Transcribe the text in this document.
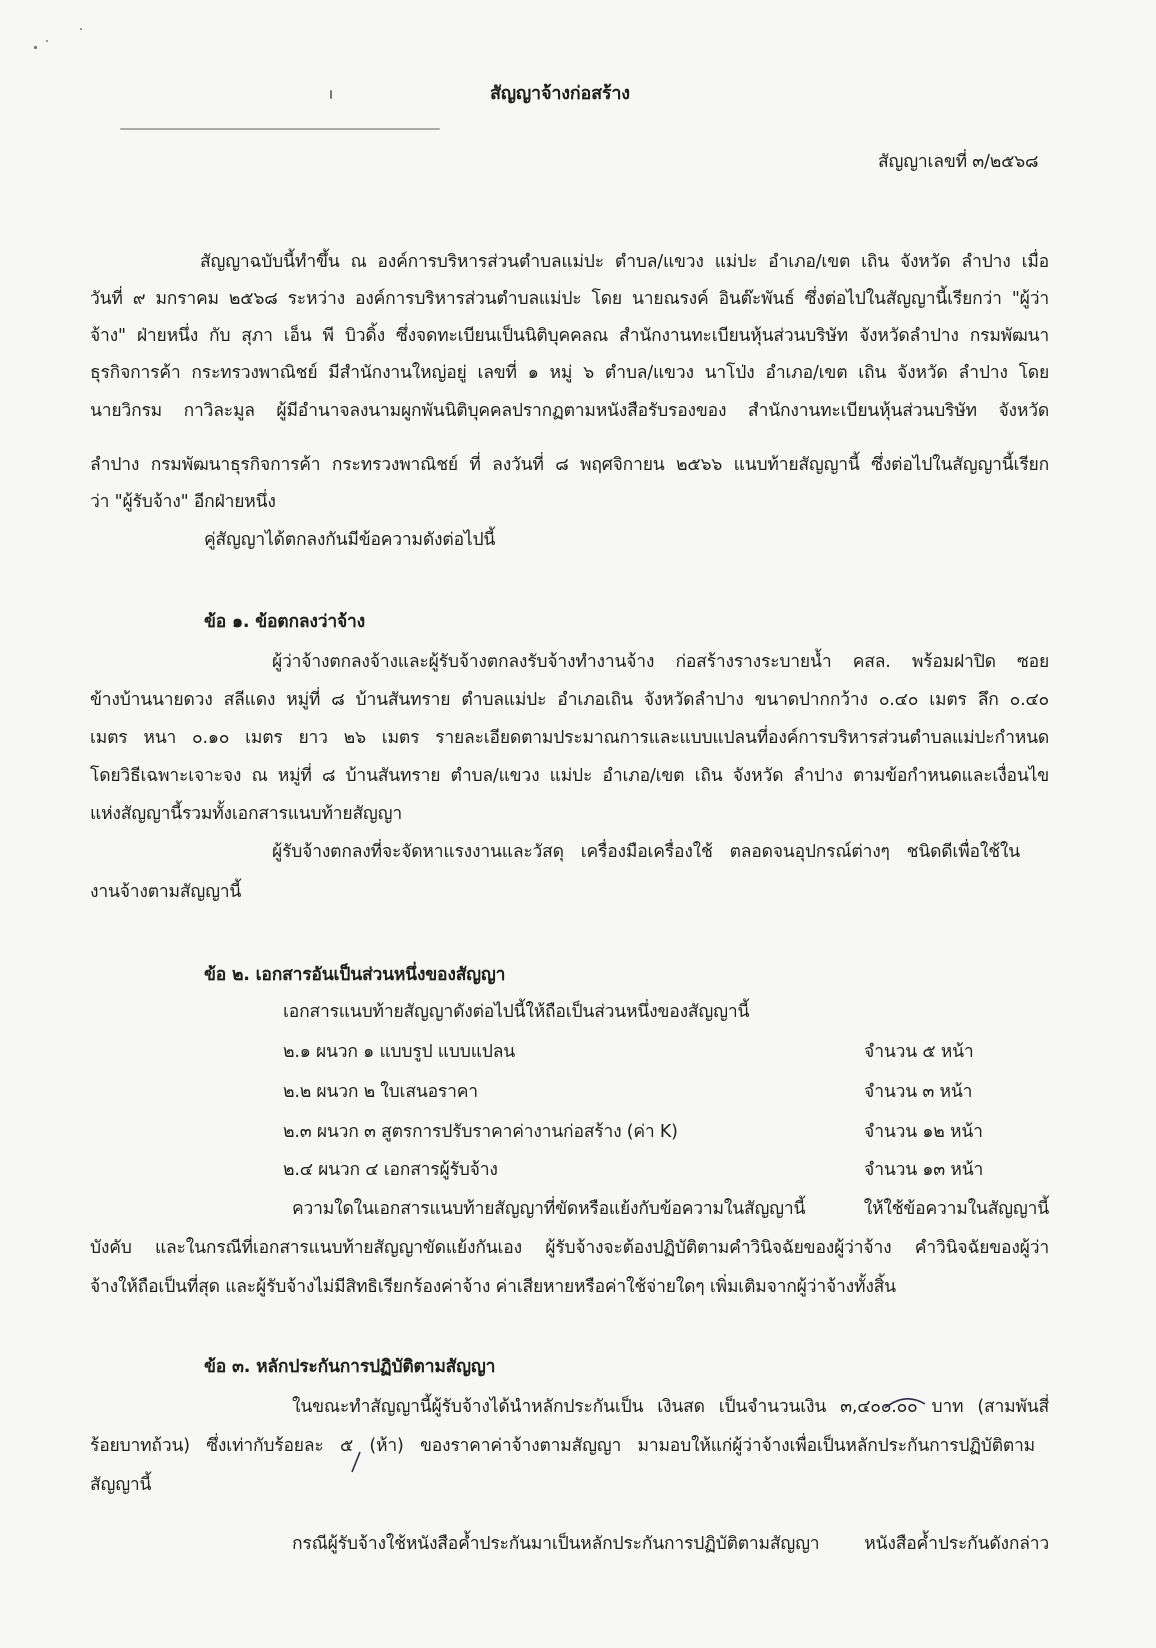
สัญญาจ้างก่อสร้าง
สัญญาเลขที่ ๓/๒๕๖๘
สัญญาฉบับนี้ทำขึ้น ณ องค์การบริหารส่วนตำบลแม่ปะ ตำบล/แขวง แม่ปะ อำเภอ/เขต เถิน จังหวัด ลำปาง เมื่อ
วันที่ ๙ มกราคม ๒๕๖๘ ระหว่าง องค์การบริหารส่วนตำบลแม่ปะ โดย นายณรงค์ อินต๊ะพันธ์ ซึ่งต่อไปในสัญญานี้เรียกว่า "ผู้ว่า
จ้าง" ฝ่ายหนึ่ง กับ สุภา เอ็น พี บิวดิ้ง ซึ่งจดทะเบียนเป็นนิติบุคคลณ สำนักงานทะเบียนหุ้นส่วนบริษัท จังหวัดลำปาง กรมพัฒนา
ธุรกิจการค้า กระทรวงพาณิชย์ มีสำนักงานใหญ่อยู่ เลขที่ ๑ หมู่ ๖ ตำบล/แขวง นาโป่ง อำเภอ/เขต เถิน จังหวัด ลำปาง โดย
นายวิกรม กาวิละมูล ผู้มีอำนาจลงนามผูกพันนิติบุคคลปรากฏตามหนังสือรับรองของ สำนักงานทะเบียนหุ้นส่วนบริษัท จังหวัด
ลำปาง กรมพัฒนาธุรกิจการค้า กระทรวงพาณิชย์ ที่ ลงวันที่ ๘ พฤศจิกายน ๒๕๖๖ แนบท้ายสัญญานี้ ซึ่งต่อไปในสัญญานี้เรียก
ว่า "ผู้รับจ้าง" อีกฝ่ายหนึ่ง
คู่สัญญาได้ตกลงกันมีข้อความดังต่อไปนี้
ข้อ ๑. ข้อตกลงว่าจ้าง
ผู้ว่าจ้างตกลงจ้างและผู้รับจ้างตกลงรับจ้างทำงานจ้าง ก่อสร้างรางระบายน้ำ คสล. พร้อมฝาปิด ซอย
ข้างบ้านนายดวง สลีแดง หมู่ที่ ๘ บ้านสันทราย ตำบลแม่ปะ อำเภอเถิน จังหวัดลำปาง ขนาดปากกว้าง ๐.๔๐ เมตร ลึก ๐.๔๐
เมตร หนา ๐.๑๐ เมตร ยาว ๒๖ เมตร รายละเอียดตามประมาณการและแบบแปลนที่องค์การบริหารส่วนตำบลแม่ปะกำหนด
โดยวิธีเฉพาะเจาะจง ณ หมู่ที่ ๘ บ้านสันทราย ตำบล/แขวง แม่ปะ อำเภอ/เขต เถิน จังหวัด ลำปาง ตามข้อกำหนดและเงื่อนไข
แห่งสัญญานี้รวมทั้งเอกสารแนบท้ายสัญญา
ผู้รับจ้างตกลงที่จะจัดหาแรงงานและวัสดุ เครื่องมือเครื่องใช้ ตลอดจนอุปกรณ์ต่างๆ ชนิดดีเพื่อใช้ใน
งานจ้างตามสัญญานี้
ข้อ ๒. เอกสารอันเป็นส่วนหนึ่งของสัญญา
เอกสารแนบท้ายสัญญาดังต่อไปนี้ให้ถือเป็นส่วนหนึ่งของสัญญานี้
๒.๑ ผนวก ๑ แบบรูป แบบแปลน	จำนวน ๕ หน้า
๒.๒ ผนวก ๒ ใบเสนอราคา	จำนวน ๓ หน้า
๒.๓ ผนวก ๓ สูตรการปรับราคาค่างานก่อสร้าง (ค่า K)	จำนวน ๑๒ หน้า
๒.๔ ผนวก ๔ เอกสารผู้รับจ้าง	จำนวน ๑๓ หน้า
ความใดในเอกสารแนบท้ายสัญญาที่ขัดหรือแย้งกับข้อความในสัญญานี้ ให้ใช้ข้อความในสัญญานี้
บังคับ และในกรณีที่เอกสารแนบท้ายสัญญาขัดแย้งกันเอง ผู้รับจ้างจะต้องปฏิบัติตามคำวินิจฉัยของผู้ว่าจ้าง คำวินิจฉัยของผู้ว่า
จ้างให้ถือเป็นที่สุด และผู้รับจ้างไม่มีสิทธิเรียกร้องค่าจ้าง ค่าเสียหายหรือค่าใช้จ่ายใดๆ เพิ่มเติมจากผู้ว่าจ้างทั้งสิ้น
ข้อ ๓. หลักประกันการปฏิบัติตามสัญญา
ในขณะทำสัญญานี้ผู้รับจ้างได้นำหลักประกันเป็น เงินสด เป็นจำนวนเงิน ๓,๔๐๐.๐๐ บาท (สามพันสี่
ร้อยบาทถ้วน) ซึ่งเท่ากับร้อยละ ๕ (ห้า) ของราคาค่าจ้างตามสัญญา มามอบให้แก่ผู้ว่าจ้างเพื่อเป็นหลักประกันการปฏิบัติตาม
สัญญานี้
กรณีผู้รับจ้างใช้หนังสือค้ำประกันมาเป็นหลักประกันการปฏิบัติตามสัญญา หนังสือค้ำประกันดังกล่าว
